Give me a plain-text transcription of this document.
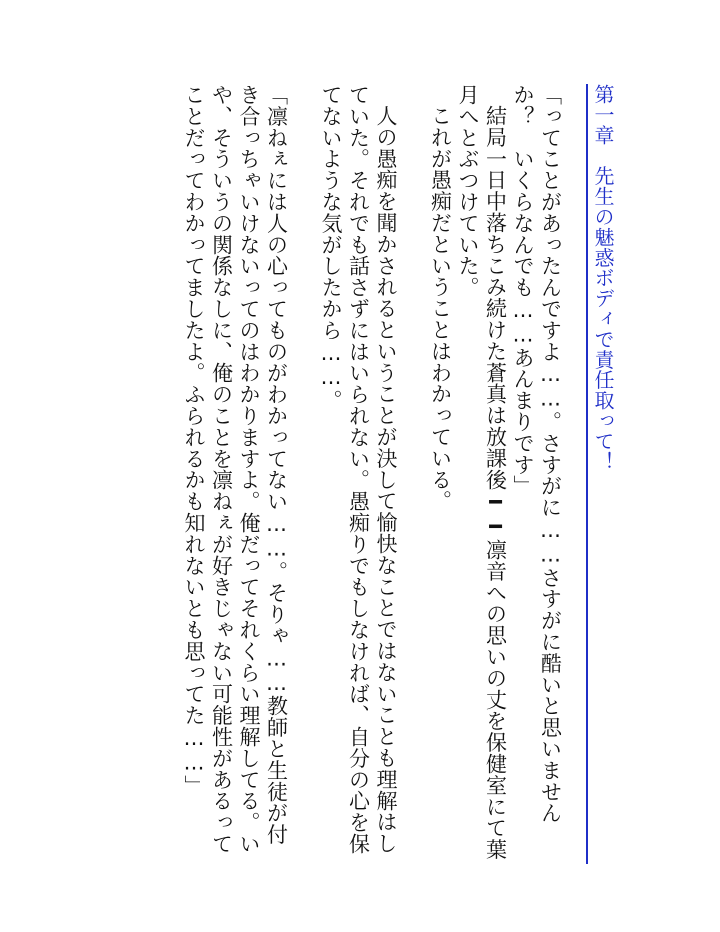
第一章　先生の魅惑ボディで責任取って！

「ってことがあったんですよ……。さすがに……さすがに酷いと思いませんか？　いくらなんでも……あんまりです」

結局一日中落ちこみ続けた蒼真は放課後━━凛音への思いの丈を保健室にて葉月へとぶつけていた。

これが愚痴だということはわかっている。

人の愚痴を聞かされるということが決して愉快なことではないことも理解はしていた。それでも話さずにはいられない。愚痴りでもしなければ、自分の心を保てないような気がしたから……。

「凛ねぇには人の心ってものがわかってない……。そりゃ……教師と生徒が付き合っちゃいけないってのはわかりますよ。俺だってそれくらい理解してる。いや、そういうの関係なしに、俺のことを凛ねぇが好きじゃない可能性があるってことだってわかってましたよ。ふられるかも知れないとも思ってた……」
